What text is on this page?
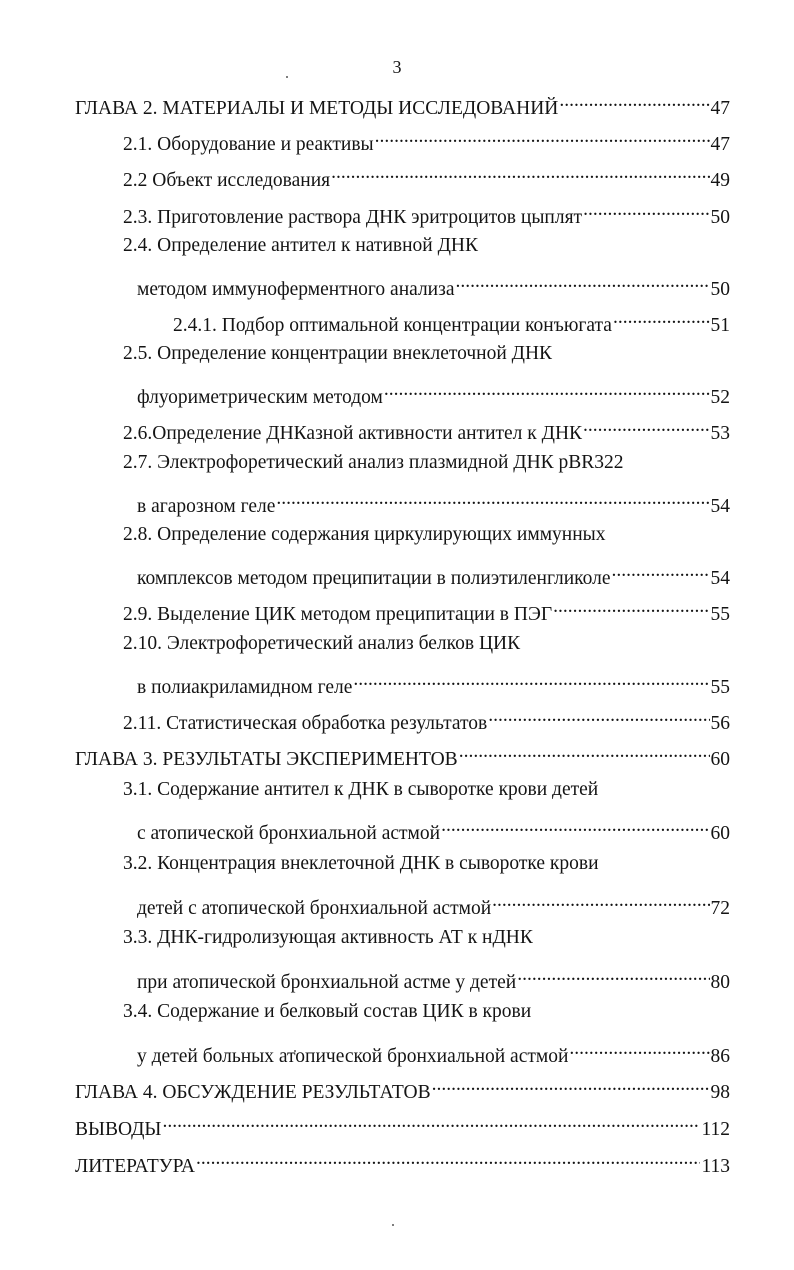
3
ГЛАВА 2. МАТЕРИАЛЫ И МЕТОДЫ ИССЛЕДОВАНИЙ .....	47
2.1. Оборудование и реактивы .....	47
2.2 Объект исследования .....	49
2.3. Приготовление раствора ДНК эритроцитов цыплят .....	50
2.4. Определение антител к нативной ДНК
методом иммуноферментного анализа .....	50
2.4.1. Подбор оптимальной концентрации конъюгата .....	51
2.5. Определение концентрации внеклеточной ДНК
флуориметрическим методом .....	52
2.6.Определение ДНКазной активности антител к ДНК .....	53
2.7. Электрофоретический анализ плазмидной ДНК pBR322
в агарозном геле .....	54
2.8. Определение содержания циркулирующих иммунных
комплексов методом преципитации в полиэтиленгликоле .....	54
2.9. Выделение ЦИК методом преципитации в ПЭГ .....	55
2.10. Электрофоретический анализ белков ЦИК
в полиакриламидном геле .....	55
2.11. Статистическая обработка результатов .....	56
ГЛАВА 3. РЕЗУЛЬТАТЫ ЭКСПЕРИМЕНТОВ .....	60
3.1. Содержание антител к ДНК в сыворотке крови детей
с атопической бронхиальной астмой .....	60
3.2. Концентрация внеклеточной ДНК в сыворотке крови
детей с атопической бронхиальной астмой .....	72
3.3. ДНК-гидролизующая активность АТ к нДНК
при атопической бронхиальной астме у детей .....	80
3.4. Содержание и белковый состав ЦИК в крови
у детей больных атопической бронхиальной астмой .....	86
ГЛАВА 4. ОБСУЖДЕНИЕ РЕЗУЛЬТАТОВ .....	98
ВЫВОДЫ .....	112
ЛИТЕРАТУРА .....	113
